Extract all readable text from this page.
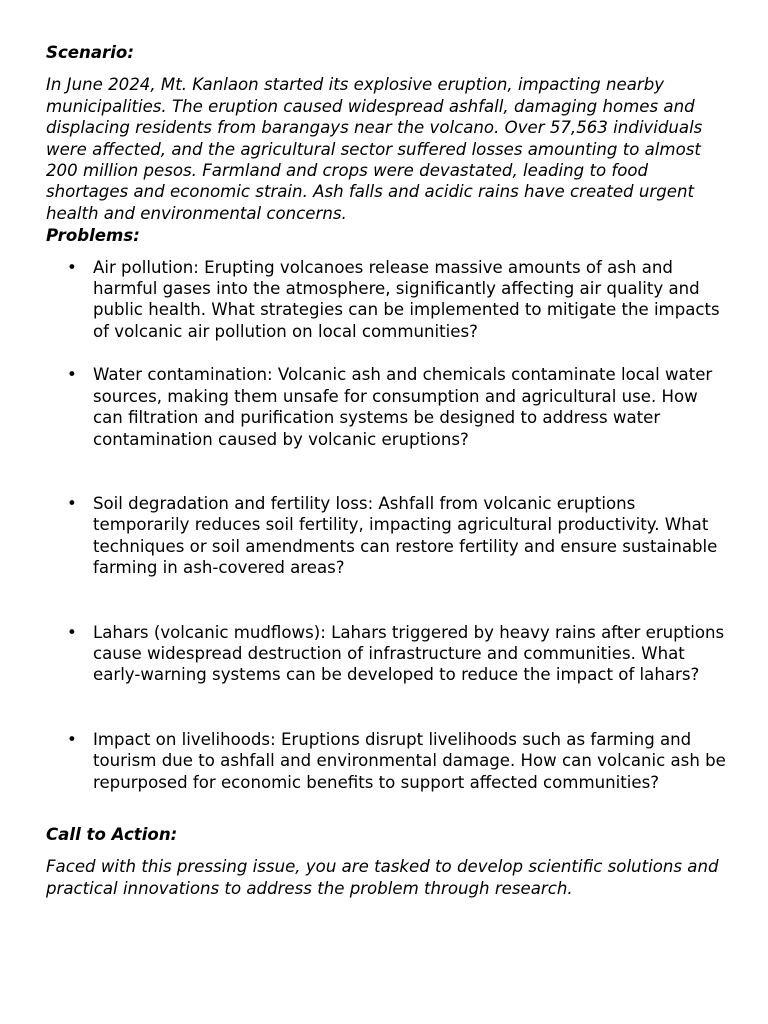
Scenario:

In June 2024, Mt. Kanlaon started its explosive eruption, impacting nearby municipalities. The eruption caused widespread ashfall, damaging homes and displacing residents from barangays near the volcano. Over 57,563 individuals were affected, and the agricultural sector suffered losses amounting to almost 200 million pesos. Farmland and crops were devastated, leading to food shortages and economic strain. Ash falls and acidic rains have created urgent health and environmental concerns.

Problems:

• Air pollution: Erupting volcanoes release massive amounts of ash and harmful gases into the atmosphere, significantly affecting air quality and public health. What strategies can be implemented to mitigate the impacts of volcanic air pollution on local communities?
• Water contamination: Volcanic ash and chemicals contaminate local water sources, making them unsafe for consumption and agricultural use. How can filtration and purification systems be designed to address water contamination caused by volcanic eruptions?
• Soil degradation and fertility loss: Ashfall from volcanic eruptions temporarily reduces soil fertility, impacting agricultural productivity. What techniques or soil amendments can restore fertility and ensure sustainable farming in ash-covered areas?
• Lahars (volcanic mudflows): Lahars triggered by heavy rains after eruptions cause widespread destruction of infrastructure and communities. What early-warning systems can be developed to reduce the impact of lahars?
• Impact on livelihoods: Eruptions disrupt livelihoods such as farming and tourism due to ashfall and environmental damage. How can volcanic ash be repurposed for economic benefits to support affected communities?

Call to Action:

Faced with this pressing issue, you are tasked to develop scientific solutions and practical innovations to address the problem through research.
